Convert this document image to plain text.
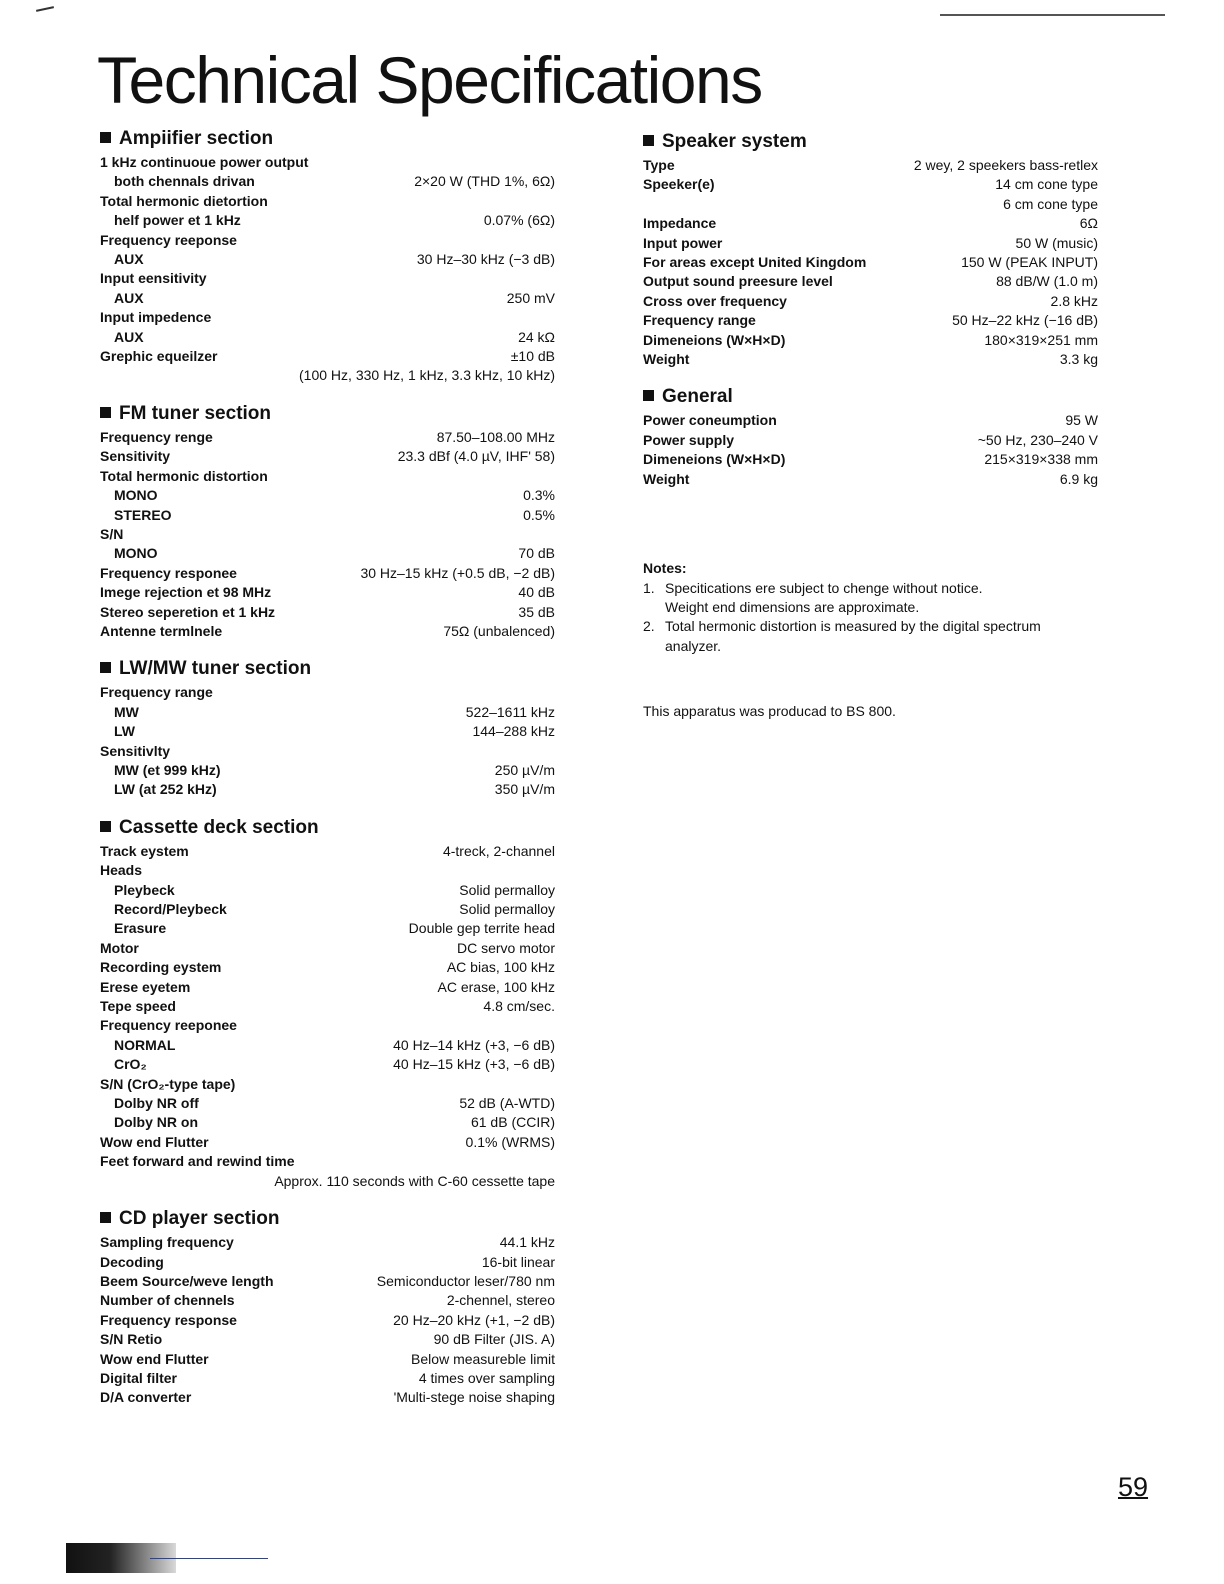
Technical Specifications
Ampiifier section
1 kHz continuoue power output
both chennals drivan	2×20 W (THD 1%, 6Ω)
Total hermonic dietortion
helf power et 1 kHz	0.07% (6Ω)
Frequency reeponse
AUX	30 Hz–30 kHz (−3 dB)
Input eensitivity
AUX	250 mV
Input impedence
AUX	24 kΩ
Grephic equeilzer	±10 dB
(100 Hz, 330 Hz, 1 kHz, 3.3 kHz, 10 kHz)
FM tuner section
Frequency renge	87.50–108.00 MHz
Sensitivity	23.3 dBf (4.0 µV, IHF' 58)
Total hermonic distortion
MONO	0.3%
STEREO	0.5%
S/N
MONO	70 dB
Frequency responee	30 Hz–15 kHz (+0.5 dB, −2 dB)
Imege rejection et 98 MHz	40 dB
Stereo seperetion et 1 kHz	35 dB
Antenne termlnele	75Ω (unbalenced)
LW/MW tuner section
Frequency range
MW	522–1611 kHz
LW	144–288 kHz
Sensitivlty
MW (et 999 kHz)	250 µV/m
LW (at 252 kHz)	350 µV/m
Cassette deck section
Track eystem	4-treck, 2-channel
Heads
Pleybeck	Solid permalloy
Record/Pleybeck	Solid permalloy
Erasure	Double gep territe head
Motor	DC servo motor
Recording eystem	AC bias, 100 kHz
Erese eyetem	AC erase, 100 kHz
Tepe speed	4.8 cm/sec.
Frequency reeponee
NORMAL	40 Hz–14 kHz (+3, −6 dB)
CrO₂	40 Hz–15 kHz (+3, −6 dB)
S/N (CrO₂-type tape)
Dolby NR off	52 dB (A-WTD)
Dolby NR on	61 dB (CCIR)
Wow end Flutter	0.1% (WRMS)
Feet forward and rewind time
Approx. 110 seconds with C-60 cessette tape
CD player section
Sampling frequency	44.1 kHz
Decoding	16-bit linear
Beem Source/weve length	Semiconductor leser/780 nm
Number of chennels	2-chennel, stereo
Frequency response	20 Hz–20 kHz (+1, −2 dB)
S/N Retio	90 dB Filter (JIS. A)
Wow end Flutter	Below measureble limit
Digital filter	4 times over sampling
D/A converter	'Multi-stege noise shaping
Speaker system
Type	2 wey, 2 speekers bass-retlex
Speeker(e)	14 cm cone type
6 cm cone type
Impedance	6Ω
Input power	50 W (music)
For areas except United Kingdom	150 W (PEAK INPUT)
Output sound preesure level	88 dB/W (1.0 m)
Cross over frequency	2.8 kHz
Frequency range	50 Hz–22 kHz (−16 dB)
Dimeneions (W×H×D)	180×319×251 mm
Weight	3.3 kg
General
Power coneumption	95 W
Power supply	~50 Hz, 230–240 V
Dimeneions (W×H×D)	215×319×338 mm
Weight	6.9 kg
Notes:
1. Specitications ere subject to chenge without notice.
Weight end dimensions are approximate.
2. Total hermonic distortion is measured by the digital spectrum
analyzer.
This apparatus was producad to BS 800.
59
